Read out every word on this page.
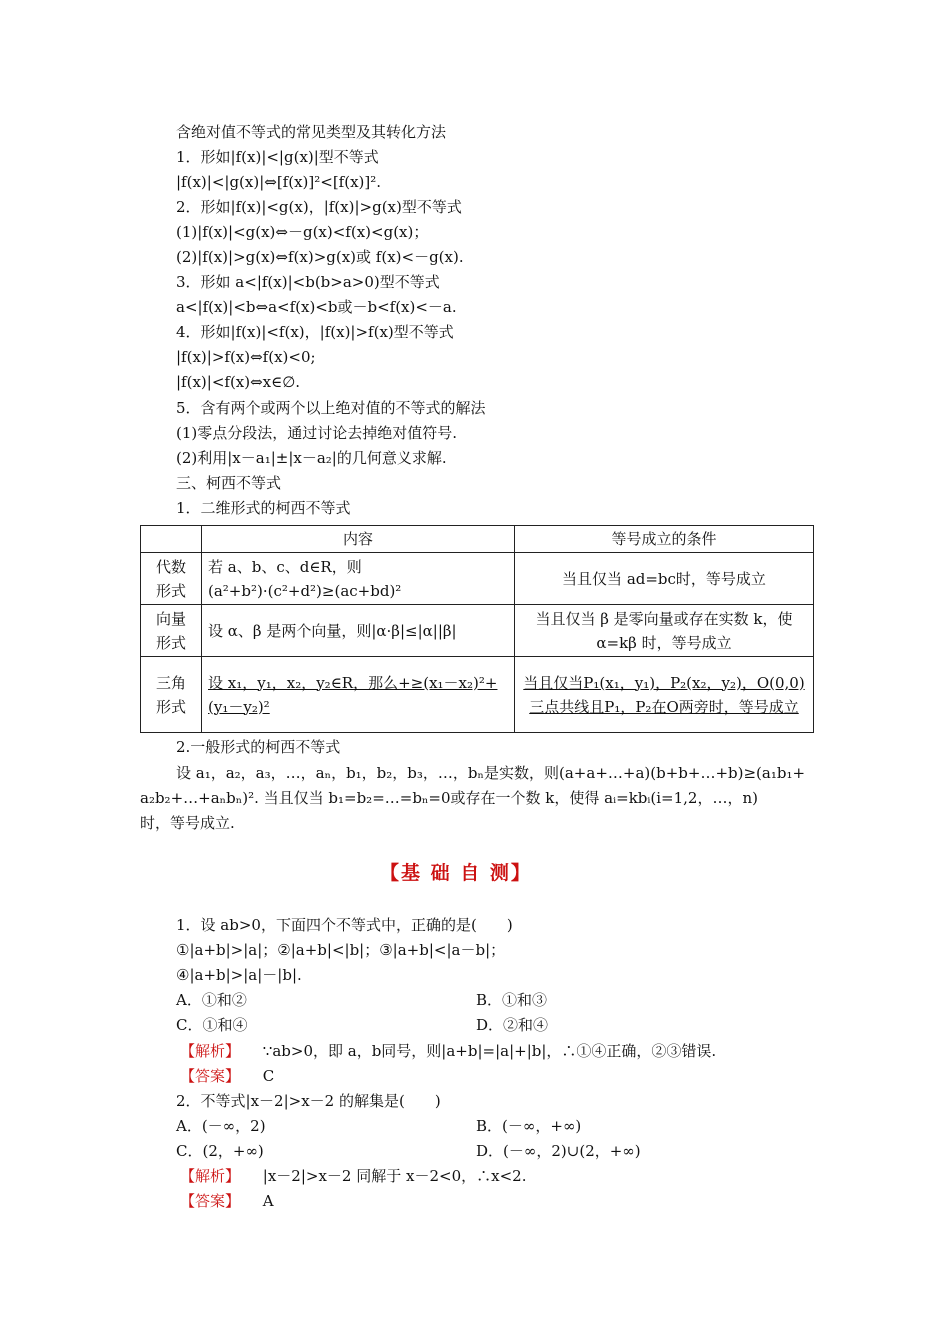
含绝对值不等式的常见类型及其转化方法
1．形如|f(x)|<|g(x)|型不等式
|f(x)|<|g(x)|⇔[f(x)]²<[f(x)]².
2．形如|f(x)|<g(x)，|f(x)|>g(x)型不等式
(1)|f(x)|<g(x)⇔－g(x)<f(x)<g(x)；
(2)|f(x)|>g(x)⇔f(x)>g(x)或 f(x)<－g(x).
3．形如 a<|f(x)|<b(b>a>0)型不等式
a<|f(x)|<b⇔a<f(x)<b或－b<f(x)<－a.
4．形如|f(x)|<f(x)，|f(x)|>f(x)型不等式
|f(x)|>f(x)⇔f(x)<0;
|f(x)|<f(x)⇔x∈∅.
5．含有两个或两个以上绝对值的不等式的解法
(1)零点分段法，通过讨论去掉绝对值符号.
(2)利用|x－a₁|±|x－a₂|的几何意义求解.
三、柯西不等式
1．二维形式的柯西不等式
	内容	等号成立的条件
代数
形式	若 a、b、c、d∈R，则(a²+b²)·(c²+d²)≥(ac+bd)²	当且仅当 ad=bc时，等号成立
向量
形式	设 α、β 是两个向量，则|α·β|≤|α||β|	当且仅当 β 是零向量或存在实数 k，使α=kβ 时，等号成立
三角
形式	设 x₁，y₁，x₂，y₂∈R，那么+≥(x₁－x₂)²+(y₁－y₂)²	当且仅当P₁(x₁，y₁)，P₂(x₂，y₂)，O(0,0)三点共线且P₁，P₂在O两旁时，等号成立
2.一般形式的柯西不等式
设 a₁，a₂，a₃，…，aₙ，b₁，b₂，b₃，…，bₙ是实数，则(a+a+…+a)(b+b+…+b)≥(a₁b₁+
a₂b₂+…+aₙbₙ)². 当且仅当 b₁=b₂=…=bₙ=0或存在一个数 k，使得 aᵢ=kbᵢ(i=1,2，…，n)
时，等号成立.
【基 础 自 测】
1．设 ab>0，下面四个不等式中，正确的是(　　)
①|a+b|>|a|；②|a+b|<|b|；③|a+b|<|a－b|；
④|a+b|>|a|－|b|.
A．①和②	B．①和③
C．①和④	D．②和④
【解析】 ∵ab>0，即 a，b同号，则|a+b|=|a|+|b|，∴①④正确，②③错误.
【答案】 C
2．不等式|x－2|>x－2 的解集是(　　)
A．(－∞，2)	B．(－∞，+∞)
C．(2，+∞)	D．(－∞，2)∪(2，+∞)
【解析】 |x－2|>x－2 同解于 x－2<0，∴x<2.
【答案】 A
